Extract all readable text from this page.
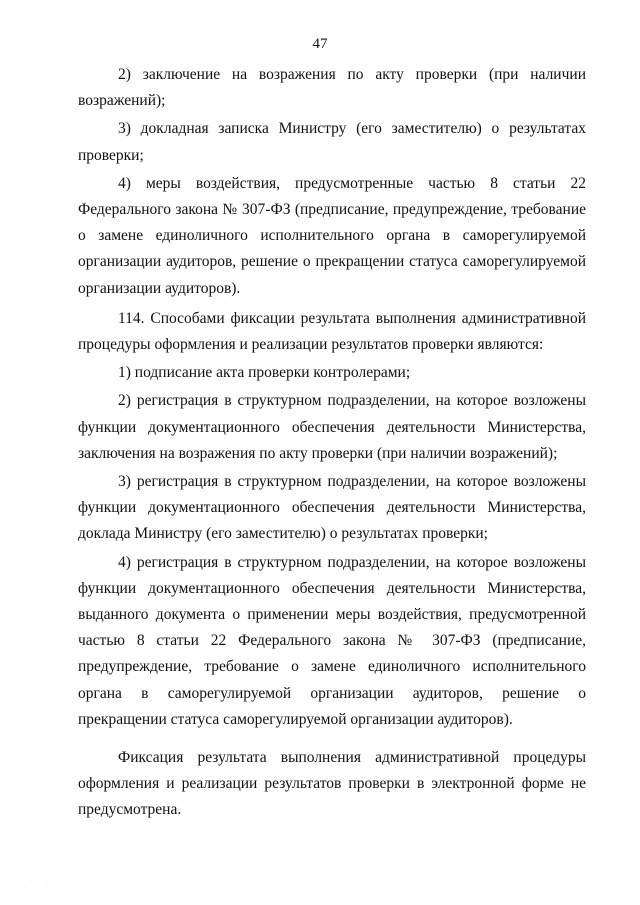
47

2) заключение на возражения по акту проверки (при наличии возражений);

3) докладная записка Министру (его заместителю) о результатах проверки;

4) меры воздействия, предусмотренные частью 8 статьи 22 Федерального закона № 307-ФЗ (предписание, предупреждение, требование о замене единоличного исполнительного органа в саморегулируемой организации аудиторов, решение о прекращении статуса саморегулируемой организации аудиторов).

114. Способами фиксации результата выполнения административной процедуры оформления и реализации результатов проверки являются:

1) подписание акта проверки контролерами;

2) регистрация в структурном подразделении, на которое возложены функции документационного обеспечения деятельности Министерства, заключения на возражения по акту проверки (при наличии возражений);

3) регистрация в структурном подразделении, на которое возложены функции документационного обеспечения деятельности Министерства, доклада Министру (его заместителю) о результатах проверки;

4) регистрация в структурном подразделении, на которое возложены функции документационного обеспечения деятельности Министерства, выданного документа о применении меры воздействия, предусмотренной частью 8 статьи 22 Федерального закона № 307-ФЗ (предписание, предупреждение, требование о замене единоличного исполнительного органа в саморегулируемой организации аудиторов, решение о прекращении статуса саморегулируемой организации аудиторов).

Фиксация результата выполнения административной процедуры оформления и реализации результатов проверки в электронной форме не предусмотрена.

· · ·
